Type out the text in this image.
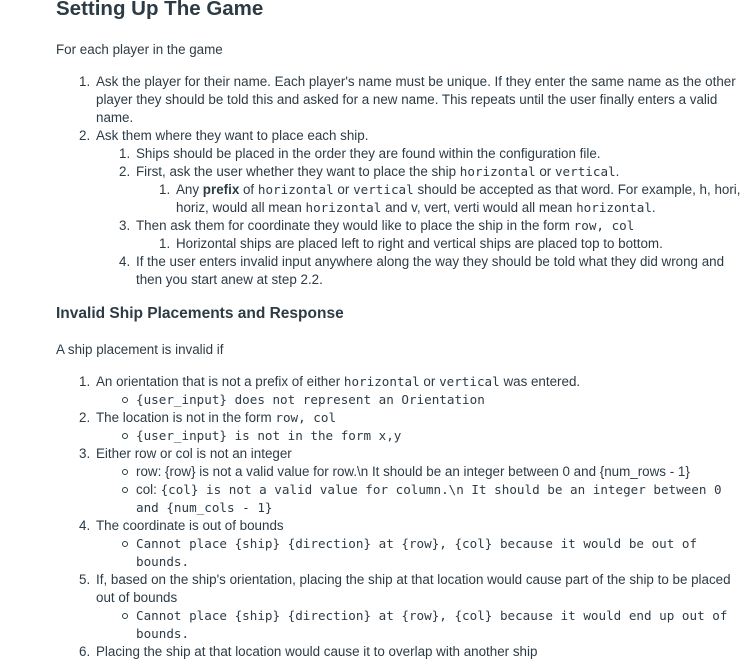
Setting Up The Game

For each player in the game

1. Ask the player for their name. Each player's name must be unique. If they enter the same name as the other player they should be told this and asked for a new name. This repeats until the user finally enters a valid name.
2. Ask them where they want to place each ship.
1. Ships should be placed in the order they are found within the configuration file.
2. First, ask the user whether they want to place the ship horizontal or vertical.
1. Any prefix of horizontal or vertical should be accepted as that word. For example, h, hori, horiz, would all mean horizontal and v, vert, verti would all mean horizontal.
3. Then ask them for coordinate they would like to place the ship in the form row, col
1. Horizontal ships are placed left to right and vertical ships are placed top to bottom.
4. If the user enters invalid input anywhere along the way they should be told what they did wrong and then you start anew at step 2.2.
Invalid Ship Placements and Response

A ship placement is invalid if

1. An orientation that is not a prefix of either horizontal or vertical was entered.
{user_input} does not represent an Orientation
2. The location is not in the form row, col
{user_input} is not in the form x,y
3. Either row or col is not an integer
row: {row} is not a valid value for row.\n It should be an integer between 0 and {num_rows - 1}
col: {col} is not a valid value for column.\n It should be an integer between 0 and {num_cols - 1}
4. The coordinate is out of bounds
Cannot place {ship} {direction} at {row}, {col} because it would be out of bounds.
5. If, based on the ship's orientation, placing the ship at that location would cause part of the ship to be placed out of bounds
Cannot place {ship} {direction} at {row}, {col} because it would end up out of bounds.
6. Placing the ship at that location would cause it to overlap with another ship
